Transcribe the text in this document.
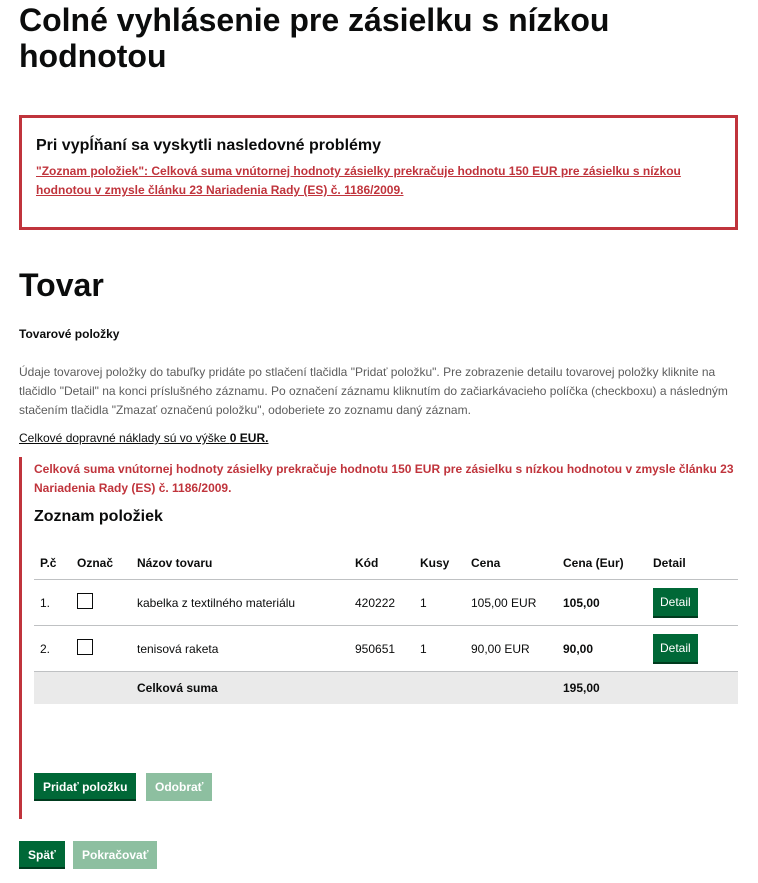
Colné vyhlásenie pre zásielku s nízkou hodnotou
Pri vypĺňaní sa vyskytli nasledovné problémy
"Zoznam položiek": Celková suma vnútornej hodnoty zásielky prekračuje hodnotu 150 EUR pre zásielku s nízkou hodnotou v zmysle článku 23 Nariadenia Rady (ES) č. 1186/2009.
Tovar
Tovarové položky
Údaje tovarovej položky do tabuľky pridáte po stlačení tlačidla "Pridať položku". Pre zobrazenie detailu tovarovej položky kliknite na tlačidlo "Detail" na konci príslušného záznamu. Po označení záznamu kliknutím do začiarkávacieho políčka (checkboxu) a následným stačením tlačidla "Zmazať označenú položku", odoberiete zo zoznamu daný záznam.
Celkové dopravné náklady sú vo výške 0 EUR.
Celková suma vnútornej hodnoty zásielky prekračuje hodnotu 150 EUR pre zásielku s nízkou hodnotou v zmysle článku 23 Nariadenia Rady (ES) č. 1186/2009.
Zoznam položiek
P.č	Označ	Názov tovaru	Kód	Kusy	Cena	Cena (Eur)	Detail
1.		kabelka z textilného materiálu	420222	1	105,00 EUR	105,00	Detail
2.		tenisová raketa	950651	1	90,00 EUR	90,00	Detail
		Celková suma				195,00	
Pridať položku	Odobrať
Späť	Pokračovať
